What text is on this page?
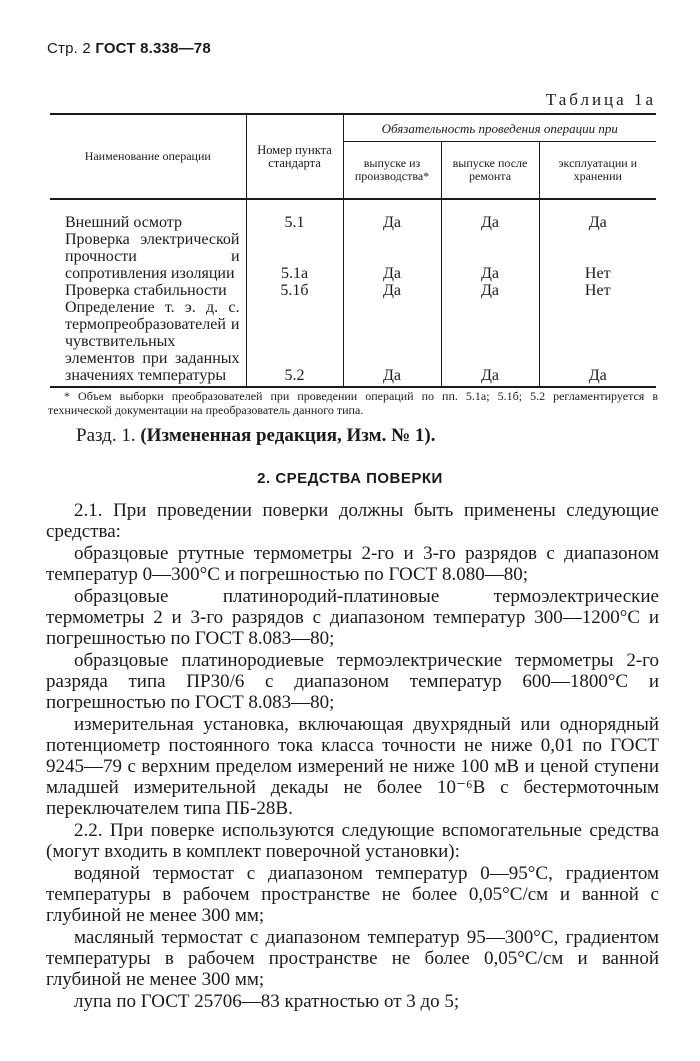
Стр. 2 ГОСТ 8.338—78
Таблица 1а
Наименование операции	Номер пункта стандарта	Обязательность проведения операции при		
		выпуске из производства*	выпуске после ремонта	эксплуатации и хранении
Внешний осмотр	5.1	Да	Да	Да
Проверка электрической прочности и сопротивления изоляции	5.1а	Да	Да	Нет
Проверка стабильности	5.1б	Да	Да	Нет
Определение т. э. д. с. термопреобразователей и чувствительных элементов при заданных значениях температуры	5.2	Да	Да	Да
* Объем выборки преобразователей при проведении операций по пп. 5.1а; 5.1б; 5.2 регламентируется в технической документации на преобразователь данного типа.
Разд. 1. (Измененная редакция, Изм. № 1).
2. СРЕДСТВА ПОВЕРКИ

2.1. При проведении поверки должны быть применены следующие средства:

образцовые ртутные термометры 2-го и 3-го разрядов с диапазоном температур 0—300°С и погрешностью по ГОСТ 8.080—80;

образцовые платинородий-платиновые термоэлектрические термометры 2 и 3-го разрядов с диапазоном температур 300—1200°С и погрешностью по ГОСТ 8.083—80;

образцовые платинородиевые термоэлектрические термометры 2-го разряда типа ПР30/6 с диапазоном температур 600—1800°С и погрешностью по ГОСТ 8.083—80;

измерительная установка, включающая двухрядный или однорядный потенциометр постоянного тока класса точности не ниже 0,01 по ГОСТ 9245—79 с верхним пределом измерений не ниже 100 мВ и ценой ступени младшей измерительной декады не более 10⁻⁶В с бестермоточным переключателем типа ПБ-28В.

2.2. При поверке используются следующие вспомогательные средства (могут входить в комплект поверочной установки):

водяной термостат с диапазоном температур 0—95°С, градиентом температуры в рабочем пространстве не более 0,05°С/см и ванной с глубиной не менее 300 мм;

масляный термостат с диапазоном температур 95—300°С, градиентом температуры в рабочем пространстве не более 0,05°С/см и ванной глубиной не менее 300 мм;

лупа по ГОСТ 25706—83 кратностью от 3 до 5;
